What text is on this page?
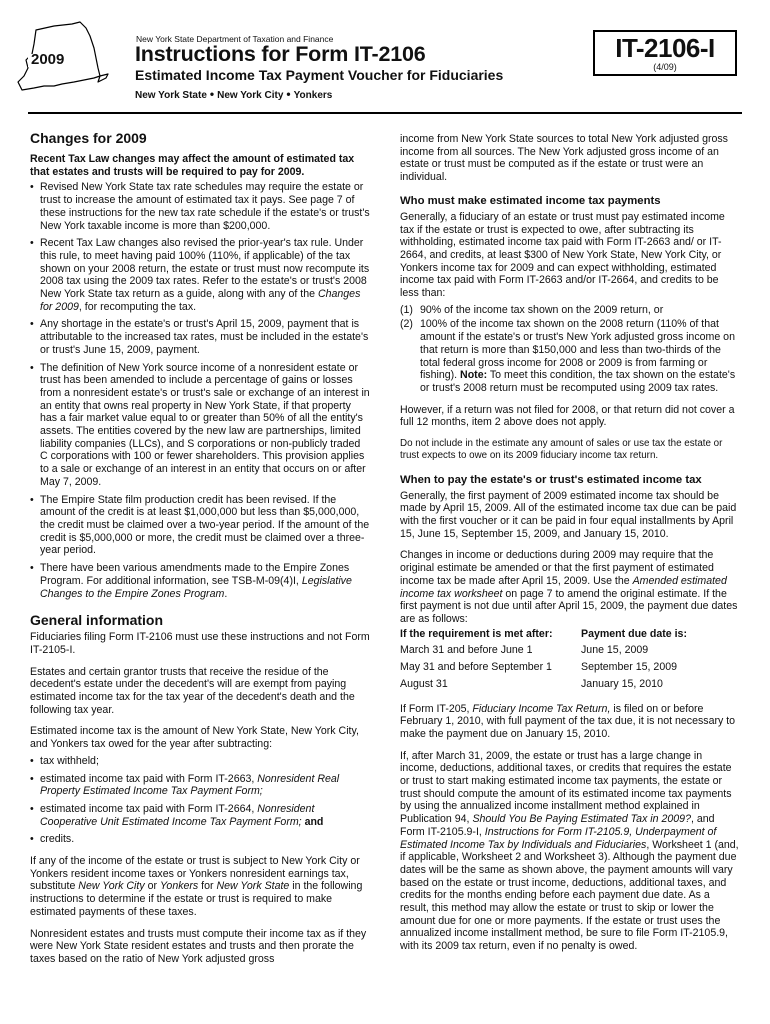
2009
New York State Department of Taxation and Finance
Instructions for Form IT-2106
Estimated Income Tax Payment Voucher for Fiduciaries
New York State • New York City • Yonkers
IT-2106-I
(4/09)
Changes for 2009
Recent Tax Law changes may affect the amount of estimated tax that estates and trusts will be required to pay for 2009.
• Revised New York State tax rate schedules may require the estate or trust to increase the amount of estimated tax it pays. See page 7 of these instructions for the new tax rate schedule if the estate's or trust's New York taxable income is more than $200,000.
• Recent Tax Law changes also revised the prior-year's tax rule. Under this rule, to meet having paid 100% (110%, if applicable) of the tax shown on your 2008 return, the estate or trust must now recompute its 2008 tax using the 2009 tax rates. Refer to the estate's or trust's 2008 New York State tax return as a guide, along with any of the Changes for 2009, for recomputing the tax.
• Any shortage in the estate's or trust's April 15, 2009, payment that is attributable to the increased tax rates, must be included in the estate's or trust's June 15, 2009, payment.
• The definition of New York source income of a nonresident estate or trust has been amended to include a percentage of gains or losses from a nonresident estate's or trust's sale or exchange of an interest in an entity that owns real property in New York State, if that property has a fair market value equal to or greater than 50% of all the entity's assets. The entities covered by the new law are partnerships, limited liability companies (LLCs), and S corporations or non-publicly traded C corporations with 100 or fewer shareholders. This provision applies to a sale or exchange of an interest in an entity that occurs on or after May 7, 2009.
• The Empire State film production credit has been revised. If the amount of the credit is at least $1,000,000 but less than $5,000,000, the credit must be claimed over a two-year period. If the amount of the credit is $5,000,000 or more, the credit must be claimed over a three-year period.
• There have been various amendments made to the Empire Zones Program. For additional information, see TSB-M-09(4)I, Legislative Changes to the Empire Zones Program.
General information

Fiduciaries filing Form IT-2106 must use these instructions and not Form IT-2105-I.

Estates and certain grantor trusts that receive the residue of the decedent's estate under the decedent's will are exempt from paying estimated income tax for the tax year of the decedent's death and the following tax year.

Estimated income tax is the amount of New York State, New York City, and Yonkers tax owed for the year after subtracting:

• tax withheld;
• estimated income tax paid with Form IT-2663, Nonresident Real Property Estimated Income Tax Payment Form;
• estimated income tax paid with Form IT-2664, Nonresident Cooperative Unit Estimated Income Tax Payment Form; and
• credits.

If any of the income of the estate or trust is subject to New York City or Yonkers resident income taxes or Yonkers nonresident earnings tax, substitute New York City or Yonkers for New York State in the following instructions to determine if the estate or trust is required to make estimated payments of these taxes.

Nonresident estates and trusts must compute their income tax as if they were New York State resident estates and trusts and then prorate the taxes based on the ratio of New York adjusted gross

income from New York State sources to total New York adjusted gross income from all sources. The New York adjusted gross income of an estate or trust must be computed as if the estate or trust were an individual.

Who must make estimated income tax payments

Generally, a fiduciary of an estate or trust must pay estimated income tax if the estate or trust is expected to owe, after subtracting its withholding, estimated income tax paid with Form IT-2663 and/ or IT-2664, and credits, at least $300 of New York State, New York City, or Yonkers income tax for 2009 and can expect withholding, estimated income tax paid with Form IT-2663 and/or IT-2664, and credits to be less than:

(1) 90% of the income tax shown on the 2009 return, or
(2) 100% of the income tax shown on the 2008 return (110% of that amount if the estate's or trust's New York adjusted gross income on that return is more than $150,000 and less than two-thirds of the total federal gross income for 2008 or 2009 is from farming or fishing). Note: To meet this condition, the tax shown on the estate's or trust's 2008 return must be recomputed using 2009 tax rates.

However, if a return was not filed for 2008, or that return did not cover a full 12 months, item 2 above does not apply.

Do not include in the estimate any amount of sales or use tax the estate or trust expects to owe on its 2009 fiduciary income tax return.

When to pay the estate's or trust's estimated income tax

Generally, the first payment of 2009 estimated income tax should be made by April 15, 2009. All of the estimated income tax due can be paid with the first voucher or it can be paid in four equal installments by April 15, June 15, September 15, 2009, and January 15, 2010.

Changes in income or deductions during 2009 may require that the original estimate be amended or that the first payment of estimated income tax be made after April 15, 2009. Use the Amended estimated income tax worksheet on page 7 to amend the original estimate. If the first payment is not due until after April 15, 2009, the payment due dates are as follows:

If the requirement is met after:	Payment due date is:
March 31 and before June 1	June 15, 2009
May 31 and before September 1	September 15, 2009
August 31	January 15, 2010

If Form IT-205, Fiduciary Income Tax Return, is filed on or before February 1, 2010, with full payment of the tax due, it is not necessary to make the payment due on January 15, 2010.

If, after March 31, 2009, the estate or trust has a large change in income, deductions, additional taxes, or credits that requires the estate or trust to start making estimated income tax payments, the estate or trust should compute the amount of its estimated income tax payments by using the annualized income installment method explained in Publication 94, Should You Be Paying Estimated Tax in 2009?, and Form IT-2105.9-I, Instructions for Form IT-2105.9, Underpayment of Estimated Income Tax by Individuals and Fiduciaries, Worksheet 1 (and, if applicable, Worksheet 2 and Worksheet 3). Although the payment due dates will be the same as shown above, the payment amounts will vary based on the estate or trust income, deductions, additional taxes, and credits for the months ending before each payment due date. As a result, this method may allow the estate or trust to skip or lower the amount due for one or more payments. If the estate or trust uses the annualized income installment method, be sure to file Form IT-2105.9, with its 2009 tax return, even if no penalty is owed.
